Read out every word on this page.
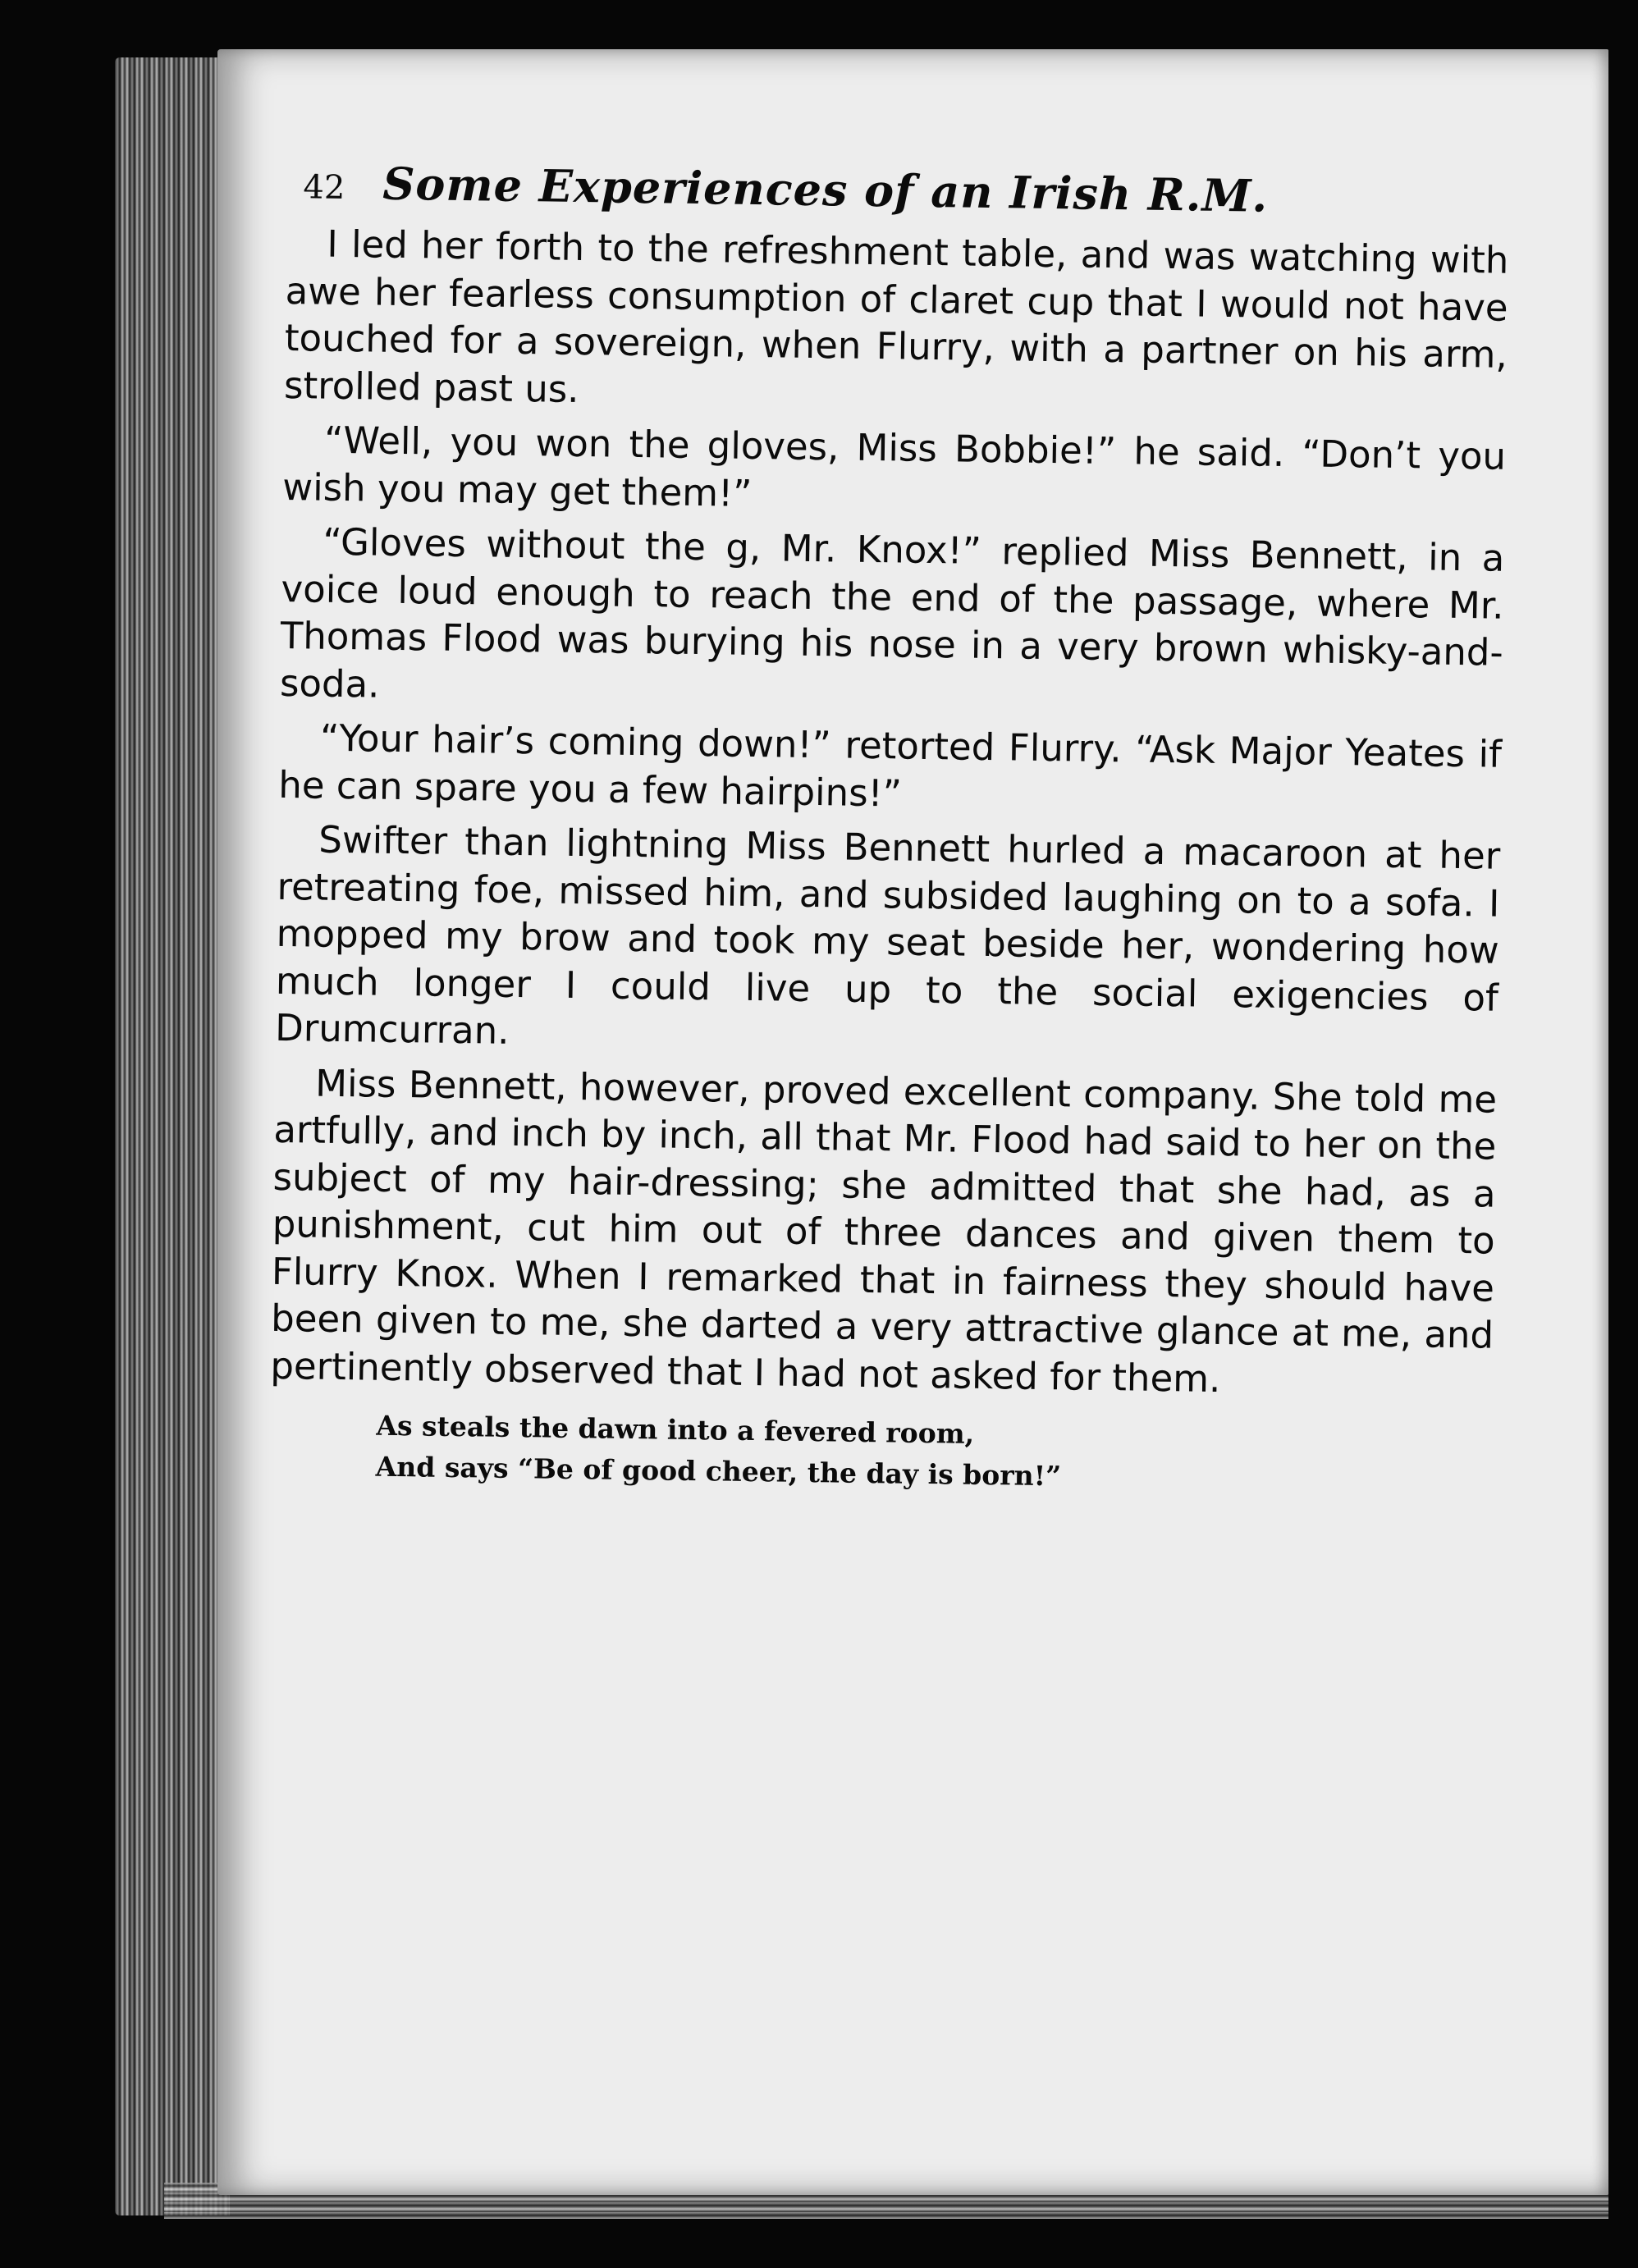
42 Some Experiences of an Irish R.M.

I led her forth to the refreshment table, and was watching with awe her fearless consumption of claret cup that I would not have touched for a sovereign, when Flurry, with a partner on his arm, strolled past us.

“Well, you won the gloves, Miss Bobbie!” he said. “Don’t you wish you may get them!”

“Gloves without the g, Mr. Knox!” replied Miss Bennett, in a voice loud enough to reach the end of the passage, where Mr. Thomas Flood was burying his nose in a very brown whisky-and-soda.

“Your hair’s coming down!” retorted Flurry. “Ask Major Yeates if he can spare you a few hairpins!”

Swifter than lightning Miss Bennett hurled a macaroon at her retreating foe, missed him, and subsided laughing on to a sofa. I mopped my brow and took my seat beside her, wondering how much longer I could live up to the social exigencies of Drumcurran.

Miss Bennett, however, proved excellent company. She told me artfully, and inch by inch, all that Mr. Flood had said to her on the subject of my hair-dressing; she admitted that she had, as a punishment, cut him out of three dances and given them to Flurry Knox. When I remarked that in fairness they should have been given to me, she darted a very attractive glance at me, and pertinently observed that I had not asked for them.

As steals the dawn into a fevered room,
And says “Be of good cheer, the day is born!”
